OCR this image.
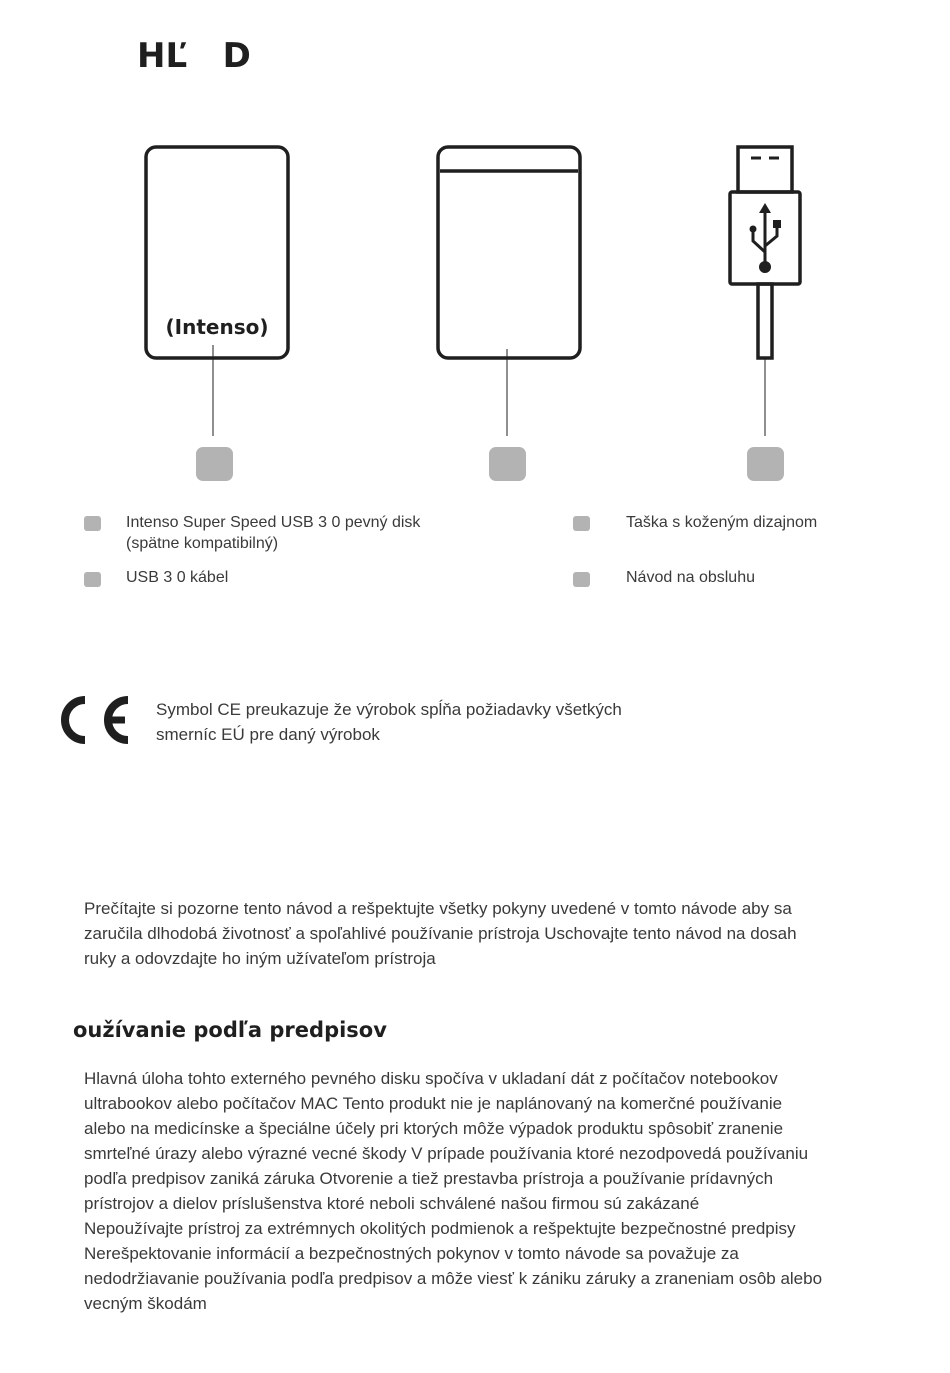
HĽ   D
(Intenso)
Intenso Super Speed USB 3 0 pevný disk
(spätne kompatibilný)
Taška s koženým dizajnom
USB 3 0 kábel	Návod na obsluhu
CE
Symbol CE preukazuje že výrobok spĺňa požiadavky všetkých
smerníc EÚ pre daný výrobok
Prečítajte si pozorne tento návod a rešpektujte všetky pokyny uvedené v tomto návode aby sa
zaručila dlhodobá životnosť a spoľahlivé používanie prístroja Uschovajte tento návod na dosah
ruky a odovzdajte ho iným užívateľom prístroja
oužívanie podľa predpisov
Hlavná úloha tohto externého pevného disku spočíva v ukladaní dát z počítačov notebookov
ultrabookov alebo počítačov MAC Tento produkt nie je naplánovaný na komerčné používanie
alebo na medicínske a špeciálne účely pri ktorých môže výpadok produktu spôsobiť zranenie
smrteľné úrazy alebo výrazné vecné škody V prípade používania ktoré nezodpovedá používaniu
podľa predpisov zaniká záruka Otvorenie a tiež prestavba prístroja a používanie prídavných
prístrojov a dielov príslušenstva ktoré neboli schválené našou firmou sú zakázané
Nepoužívajte prístroj za extrémnych okolitých podmienok a rešpektujte bezpečnostné predpisy
Nerešpektovanie informácií a bezpečnostných pokynov v tomto návode sa považuje za
nedodržiavanie používania podľa predpisov a môže viesť k zániku záruky a zraneniam osôb alebo
vecným škodám
